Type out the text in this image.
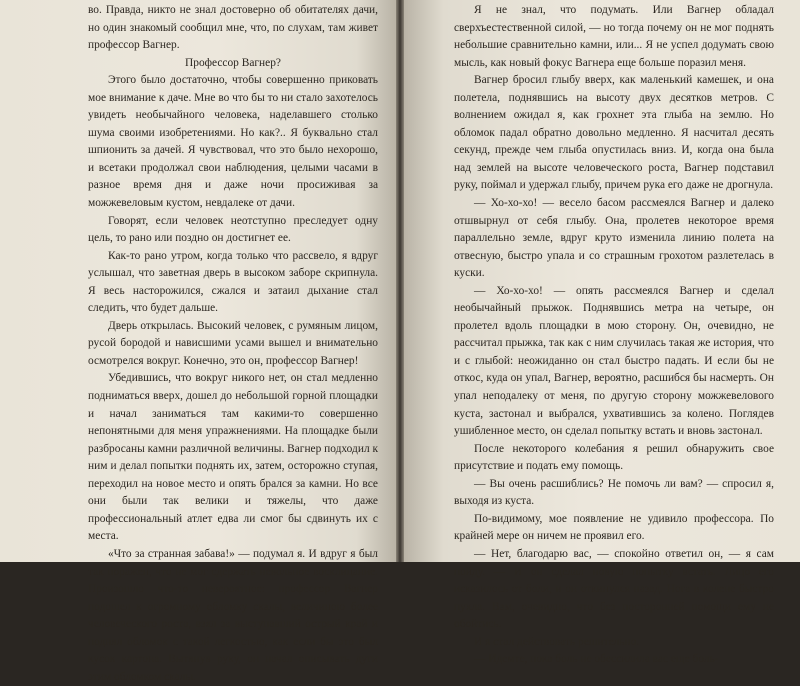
во. Правда, никто не знал достоверно об обитателях дачи, но один знакомый сообщил мне, что, по слухам, там живет профессор Вагнер.

Профессор Вагнер?

Этого было достаточно, чтобы совершенно приковать мое внимание к даче. Мне во что бы то ни стало захотелось увидеть необычайного человека, наделавшего столько шума своими изобретениями. Но как?.. Я буквально стал шпионить за дачей. Я чувствовал, что это было нехорошо, и всетаки продолжал свои наблюдения, целыми часами в разное время дня и даже ночи просиживая за можжевеловым кустом, невдалеке от дачи.

Говорят, если человек неотступно преследует одну цель, то рано или поздно он достигнет ее.

Как-то рано утром, когда только что рассвело, я вдруг услышал, что заветная дверь в высоком заборе скрипнула. Я весь насторожился, сжался и затаил дыхание стал следить, что будет дальше.

Дверь открылась. Высокий человек, с румяным лицом, русой бородой и нависшими усами вышел и внимательно осмотрелся вокруг. Конечно, это он, профессор Вагнер!

Убедившись, что вокруг никого нет, он стал медленно подниматься вверх, дошел до небольшой горной площадки и начал заниматься там какими-то совершенно непонятными для меня упражнениями. На площадке были разбросаны камни различной величины. Вагнер подходил к ним и делал попытки поднять их, затем, осторожно ступая, переходил на новое место и опять брался за камни. Но все они были так велики и тяжелы, что даже профессиональный атлет едва ли смог бы сдвинуть их с места.

«Что за странная забава!» — подумал я. И вдруг я был так поражен, что не мог сдержать невольное восклицание. Произошло что-то невероятное: профессор Вагнер подошел к огромному обломку скалы, величиною более человеческого роста, взял за выступавший острый край и поднял обломок с такой легкостью, как если бы это был кусок картона. Вытянув руку, он начал описывать дуги этим обломком скалы.

Я не знал, что подумать. Или Вагнер обладал сверхъестественной силой, — но тогда почему он не мог поднять небольшие сравнительно камни, или... Я не успел додумать свою мысль, как новый фокус Вагнера еще больше поразил меня.

Вагнер бросил глыбу вверх, как маленький камешек, и она полетела, поднявшись на высоту двух десятков метров. С волнением ожидал я, как грохнет эта глыба на землю. Но обломок падал обратно довольно медленно. Я насчитал десять секунд, прежде чем глыба опустилась вниз. И, когда она была над землей на высоте человеческого роста, Вагнер подставил руку, поймал и удержал глыбу, причем рука его даже не дрогнула.

— Хо-хо-хо! — весело басом рассмеялся Вагнер и далеко отшвырнул от себя глыбу. Она, пролетев некоторое время параллельно земле, вдруг круто изменила линию полета на отвесную, быстро упала и со страшным грохотом разлетелась в куски.

— Хо-хо-хо! — опять рассмеялся Вагнер и сделал необычайный прыжок. Поднявшись метра на четыре, он пролетел вдоль площадки в мою сторону. Он, очевидно, не рассчитал прыжка, так как с ним случилась такая же история, что и с глыбой: неожиданно он стал быстро падать. И если бы не откос, куда он упал, Вагнер, вероятно, расшибся бы насмерть. Он упал неподалеку от меня, по другую сторону можжевелового куста, застонал и выбрался, ухватившись за колено. Поглядев ушибленное место, он сделал попытку встать и вновь застонал.

После некоторого колебания я решил обнаружить свое присутствие и подать ему помощь.

— Вы очень расшиблись? Не помочь ли вам? — спросил я, выходя из куста.

По-видимому, мое появление не удивило профессора. По крайней мере он ничем не проявил его.

— Нет, благодарю вас, — спокойно ответил он, — я сам пойду. — И он сделал новую попытку встать. Лицо его исказилось от боли, и он откинулся назад. Нога в колене быстро пухла. Вам, очевидно, что без посторонней помощи ему не обойтись.

И я стал действовать решительно.

— Идемте, пока боль не обессилила вас еще боль-
